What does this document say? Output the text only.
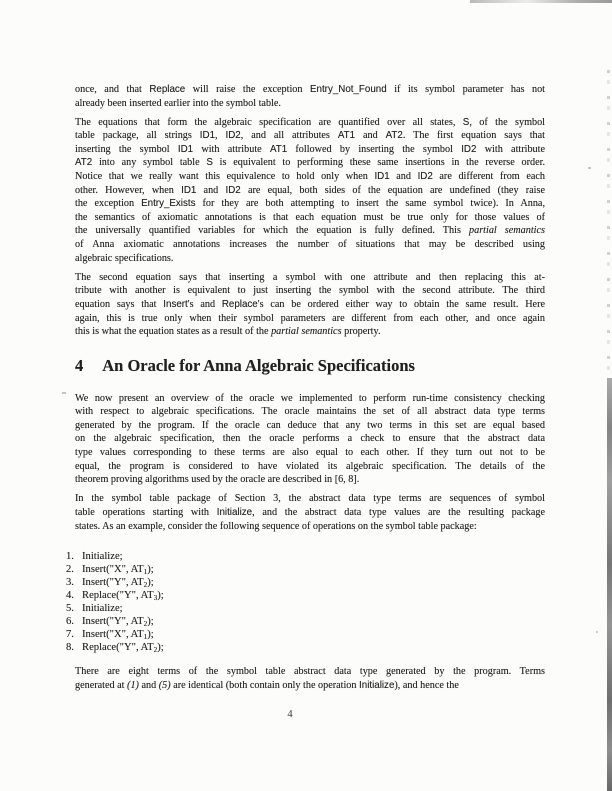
once, and that Replace will raise the exception Entry_Not_Found if its symbol parameter has not
already been inserted earlier into the symbol table.
The equations that form the algebraic specification are quantified over all states, S, of the symbol
table package, all strings ID1, ID2, and all attributes AT1 and AT2. The first equation says that
inserting the symbol ID1 with attribute AT1 followed by inserting the symbol ID2 with attribute
AT2 into any symbol table S is equivalent to performing these same insertions in the reverse order.
Notice that we really want this equivalence to hold only when ID1 and ID2 are different from each
other. However, when ID1 and ID2 are equal, both sides of the equation are undefined (they raise
the exception Entry_Exists for they are both attempting to insert the same symbol twice). In Anna,
the semantics of axiomatic annotations is that each equation must be true only for those values of
the universally quantified variables for which the equation is fully defined. This partial semantics
of Anna axiomatic annotations increases the number of situations that may be described using
algebraic specifications.
The second equation says that inserting a symbol with one attribute and then replacing this at-
tribute with another is equivalent to just inserting the symbol with the second attribute. The third
equation says that Insert's and Replace's can be ordered either way to obtain the same result. Here
again, this is true only when their symbol parameters are different from each other, and once again
this is what the equation states as a result of the partial semantics property.
4 An Oracle for Anna Algebraic Specifications
We now present an overview of the oracle we implemented to perform run-time consistency checking
with respect to algebraic specifications. The oracle maintains the set of all abstract data type terms
generated by the program. If the oracle can deduce that any two terms in this set are equal based
on the algebraic specification, then the oracle performs a check to ensure that the abstract data
type values corresponding to these terms are also equal to each other. If they turn out not to be
equal, the program is considered to have violated its algebraic specification. The details of the
theorem proving algorithms used by the oracle are described in [6, 8].
In the symbol table package of Section 3, the abstract data type terms are sequences of symbol
table operations starting with Initialize, and the abstract data type values are the resulting package
states. As an example, consider the following sequence of operations on the symbol table package:
1. Initialize;
2. Insert("X", $AT_1$);
3. Insert("Y", $AT_2$);
4. Replace("Y", $AT_3$);
5. Initialize;
6. Insert("Y", $AT_2$);
7. Insert("X", $AT_1$);
8. Replace("Y", $AT_2$);
There are eight terms of the symbol table abstract data type generated by the program. Terms
generated at (1) and (5) are identical (both contain only the operation Initialize), and hence the
4
